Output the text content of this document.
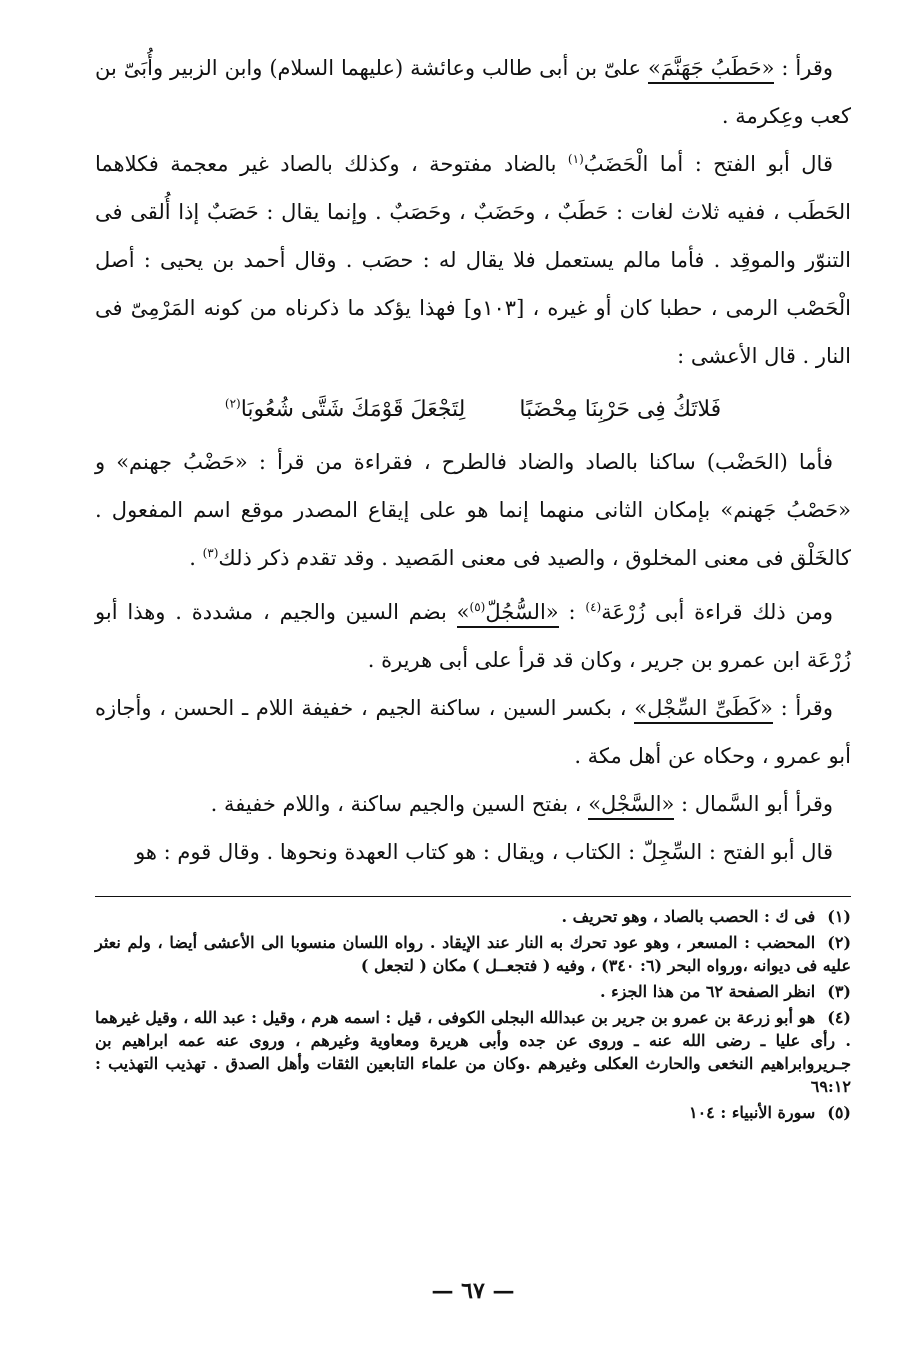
وقرأ : «حَطَبُ جَهَنَّمَ» علىّ بن أبى طالب وعائشة (عليهما السلام) وابن الزبير وأُبَىّ بن كعب وعِكرمة .

قال أبو الفتح : أما الْحَضَبُ$^{(١)}$ بالضاد مفتوحة ، وكذلك بالصاد غير معجمة فكلاهما الحَطَب ، ففيه ثلاث لغات : حَطَبٌ ، وحَضَبٌ ، وحَصَبٌ . وإنما يقال : حَصَبٌ إذا أُلقى فى التنوّر والموقِد . فأما مالم يستعمل فلا يقال له : حصَب . وقال أحمد بن يحيى : أصل الْحَصْب الرمى ، حطبا كان أو غيره ، [١٠٣و] فهذا يؤكد ما ذكرناه من كونه المَرْمِىّ فى النار . قال الأعشى :

فَلاتَكُ فِى حَرْبِنَا مِحْضَبًا
لِتَجْعَلَ قَوْمَكَ شَتَّى شُعُوبَا$^{(٢)}$

فأما (الحَضْب) ساكنا بالصاد والضاد فالطرح ، فقراءة من قرأ : «حَضْبُ جهنم» و «حَصْبُ جَهنم» بإمكان الثانى منهما إنما هو على إيقاع المصدر موقع اسم المفعول . كالخَلْق فى معنى المخلوق ، والصيد فى معنى المَصيد . وقد تقدم ذكر ذلك$^{(٣)}$ .

ومن ذلك قراءة أبى زُرْعَة$^{(٤)}$ : «السُّجُلّ$^{(٥)}$» بضم السين والجيم ، مشددة . وهذا أبو زُرْعَة ابن عمرو بن جرير ، وكان قد قرأ على أبى هريرة .

وقرأ : «كَطَىِّ السِّجْل» ، بكسر السين ، ساكنة الجيم ، خفيفة اللام ـ الحسن ، وأجازه أبو عمرو ، وحكاه عن أهل مكة .

وقرأ أبو السَّمال : «السَّجْل» ، بفتح السين والجيم ساكنة ، واللام خفيفة .

قال أبو الفتح : السِّجِلّ : الكتاب ، ويقال : هو كتاب العهدة ونحوها . وقال قوم : هو

(١)فى ك : الحصب بالصاد ، وهو تحريف .

(٢)المحضب : المسعر ، وهو عود تحرك به النار عند الإيقاد . رواه اللسان منسوبا الى الأعشى أيضا ، ولم نعثر عليه فى ديوانه ،ورواه البحر (٦: ٣٤٠) ، وفيه ( فتجعــل ) مكان ( لتجعل )

(٣)انظر الصفحة ٦٢ من هذا الجزء .

(٤)هو أبو زرعة بن عمرو بن جرير بن عبدالله البجلى الكوفى ، قيل : اسمه هرم ، وقيل : عبد الله ، وقيل غيرهما . رأى عليا ـ رضى الله عنه ـ وروى عن جده وأبى هريرة ومعاوية وغيرهم ، وروى عنه عمه ابراهيم بن جـريروابراهيم النخعى والحارث العكلى وغيرهم .وكان من علماء التابعين الثقات وأهل الصدق . تهذيب التهذيب : ٦٩:١٢

(٥)سورة الأنبياء : ١٠٤

— ٦٧ —
